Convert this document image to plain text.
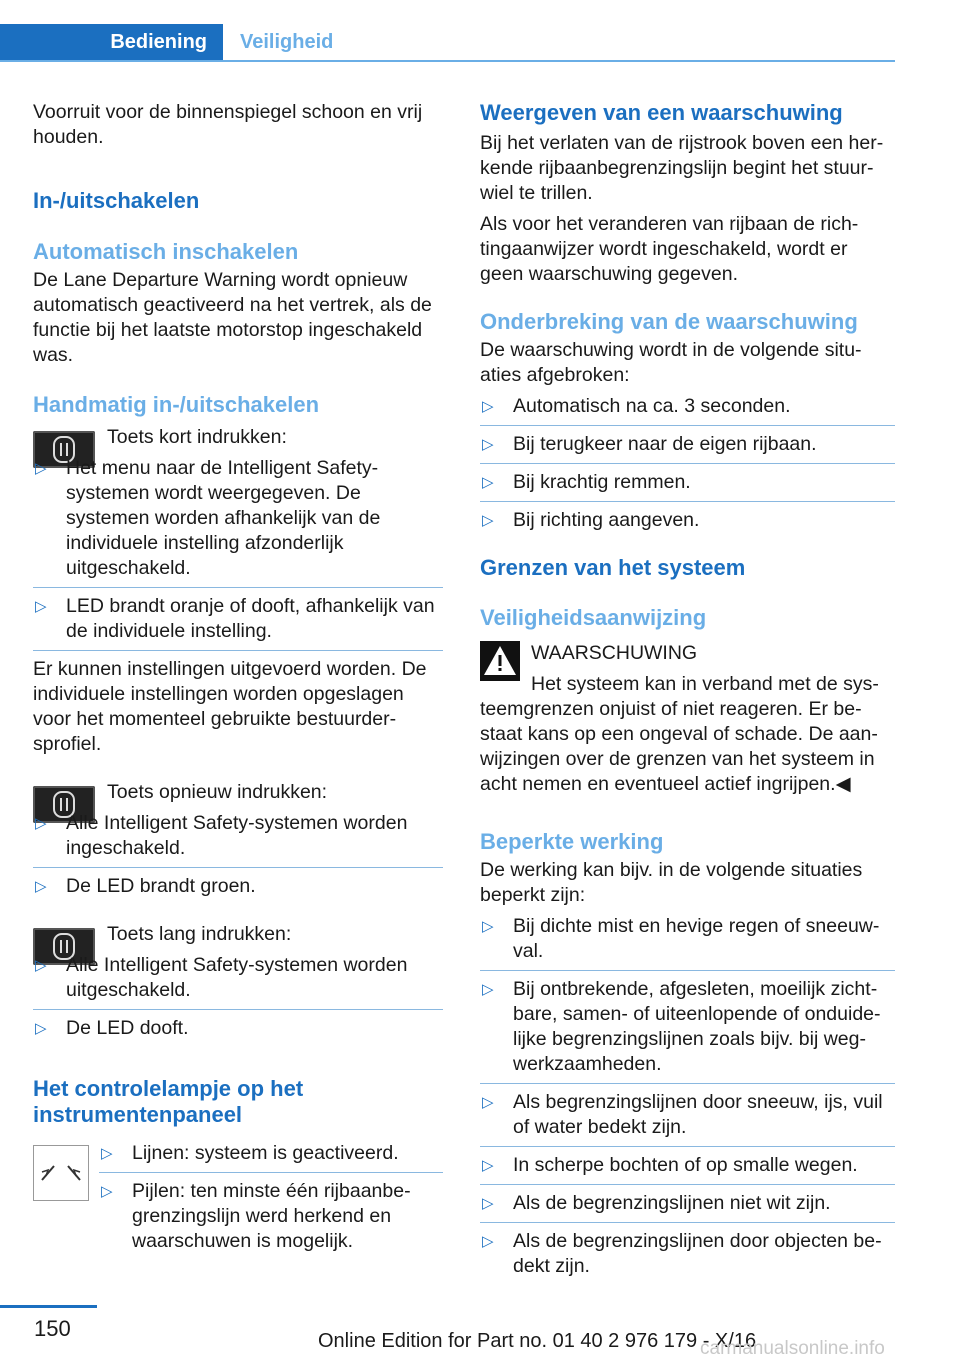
Bediening	Veiligheid

Voorruit voor de binnenspiegel schoon en vrij houden.

In-/uitschakelen
Automatisch inschakelen

De Lane Departure Warning wordt opnieuw automatisch geactiveerd na het vertrek, als de functie bij het laatste motorstop ingeschakeld was.

Handmatig in-/uitschakelen

Toets kort indrukken:

▷ Het menu naar de Intelligent Safety-systemen wordt weergegeven. De systemen worden afhankelijk van de individuele instelling afzonderlijk uitgeschakeld.
▷ LED brandt oranje of dooft, afhankelijk van de individuele instelling.

Er kunnen instellingen uitgevoerd worden. De individuele instellingen worden opgeslagen voor het momenteel gebruikte bestuurdersprofiel.

Toets opnieuw indrukken:

▷ Alle Intelligent Safety-systemen worden ingeschakeld.
▷ De LED brandt groen.

Toets lang indrukken:

▷ Alle Intelligent Safety-systemen worden uitgeschakeld.
▷ De LED dooft.
Het controlelampje op het instrumentenpaneel
▷ Lijnen: systeem is geactiveerd.
▷ Pijlen: ten minste één rijbaanbegrenzingslijn werd herkend en waarschuwen is mogelijk.
Weergeven van een waarschuwing

Bij het verlaten van de rijstrook boven een herkende rijbaanbegrenzingslijn begint het stuurwiel te trillen.

Als voor het veranderen van rijbaan de richtingaanwijzer wordt ingeschakeld, wordt er geen waarschuwing gegeven.

Onderbreking van de waarschuwing

De waarschuwing wordt in de volgende situaties afgebroken:

▷ Automatisch na ca. 3 seconden.
▷ Bij terugkeer naar de eigen rijbaan.
▷ Bij krachtig remmen.
▷ Bij richting aangeven.
Grenzen van het systeem
Veiligheidsaanwijzing

WAARSCHUWING

Het systeem kan in verband met de systeemgrenzen onjuist of niet reageren. Er bestaat kans op een ongeval of schade. De aanwijzingen over de grenzen van het systeem in acht nemen en eventueel actief ingrijpen.◀

Beperkte werking

De werking kan bijv. in de volgende situaties beperkt zijn:

▷ Bij dichte mist en hevige regen of sneeuwval.
▷ Bij ontbrekende, afgesleten, moeilijk zichtbare, samen- of uiteenlopende of onduidelijke begrenzingslijnen zoals bijv. bij wegwerkzaamheden.
▷ Als begrenzingslijnen door sneeuw, ijs, vuil of water bedekt zijn.
▷ In scherpe bochten of op smalle wegen.
▷ Als de begrenzingslijnen niet wit zijn.
▷ Als de begrenzingslijnen door objecten bedekt zijn.
150	Online Edition for Part no. 01 40 2 976 179 - X/16
carmanualsonline.info
